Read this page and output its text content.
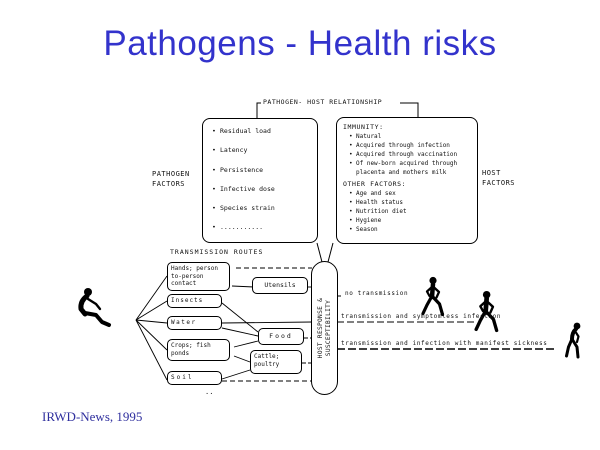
Pathogens - Health risks
PATHOGEN- HOST RELATIONSHIP
PATHOGEN
FACTORS
• Residual load
• Latency
• Persistence
• Infective dose
• Species strain
• ...........
IMMUNITY:
• Natural
• Acquired through infection
• Acquired through vaccination
• Of new-born acquired through placenta and mothers milk
OTHER FACTORS:
• Age and sex
• Health status
• Nutrition diet
• Hygiene
• Season
HOST
FACTORS
TRANSMISSION ROUTES
Hands; person to-person contact
Insects
Water
Crops; fish ponds
Soil
Utensils
Food
Cattle; poultry
..
HOST RESPONSE & SUSCEPTIBILITY
no transmission
transmission and symptomless infection
transmission and infection with manifest sickness
IRWD-News, 1995
